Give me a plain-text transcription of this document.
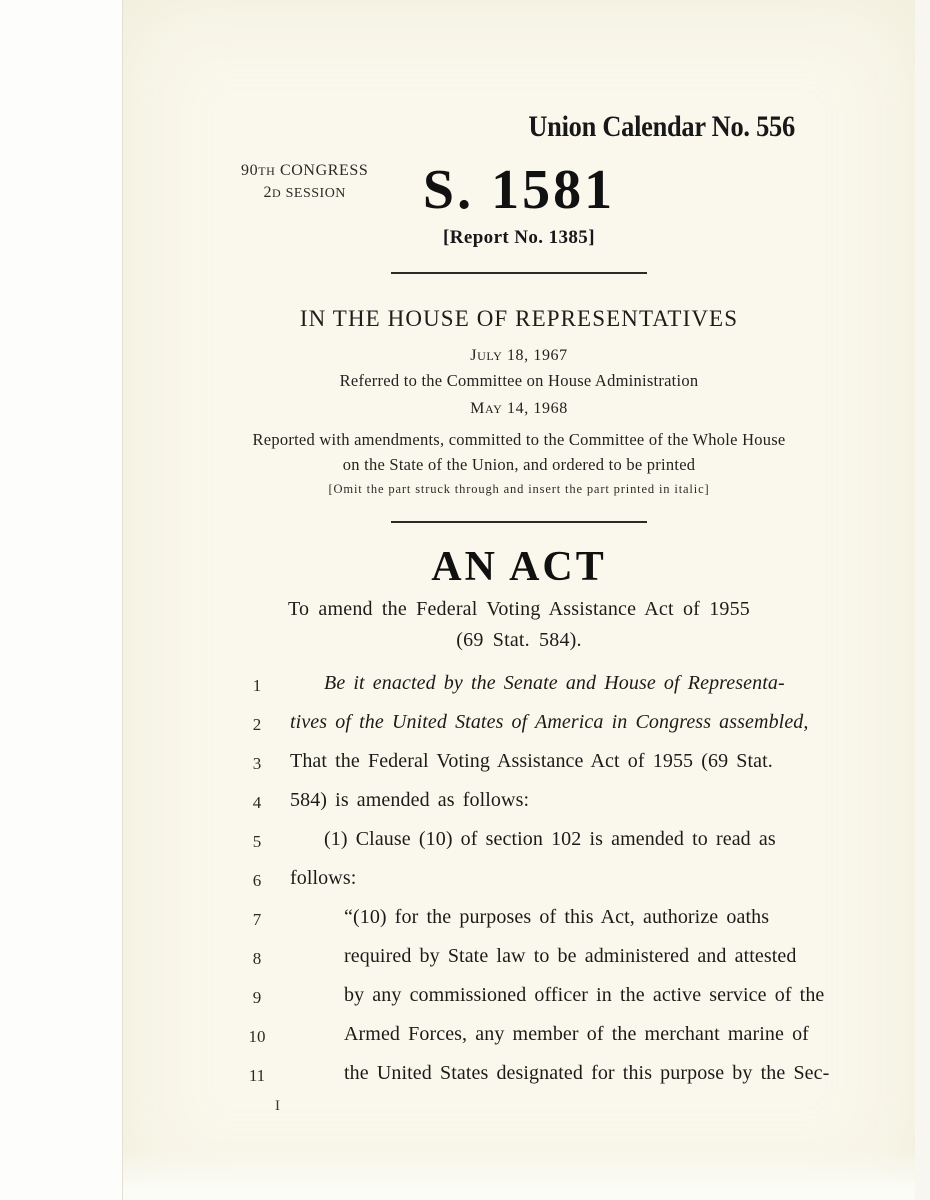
Union Calendar No. 556
90TH CONGRESS
2D SESSION	S. 1581
[Report No. 1385]
IN THE HOUSE OF REPRESENTATIVES
JULY 18, 1967
Referred to the Committee on House Administration
MAY 14, 1968
Reported with amendments, committed to the Committee of the Whole House
on the State of the Union, and ordered to be printed
[Omit the part struck through and insert the part printed in italic]
AN ACT
To amend the Federal Voting Assistance Act of 1955
(69 Stat. 584).
1	Be it enacted by the Senate and House of Representa-
2	tives of the United States of America in Congress assembled,
3	That the Federal Voting Assistance Act of 1955 (69 Stat.
4	584) is amended as follows:
5	(1) Clause (10) of section 102 is amended to read as
6	follows:
7	“(10) for the purposes of this Act, authorize oaths
8	required by State law to be administered and attested
9	by any commissioned officer in the active service of the
10	Armed Forces, any member of the merchant marine of
11	the United States designated for this purpose by the Sec-
I
